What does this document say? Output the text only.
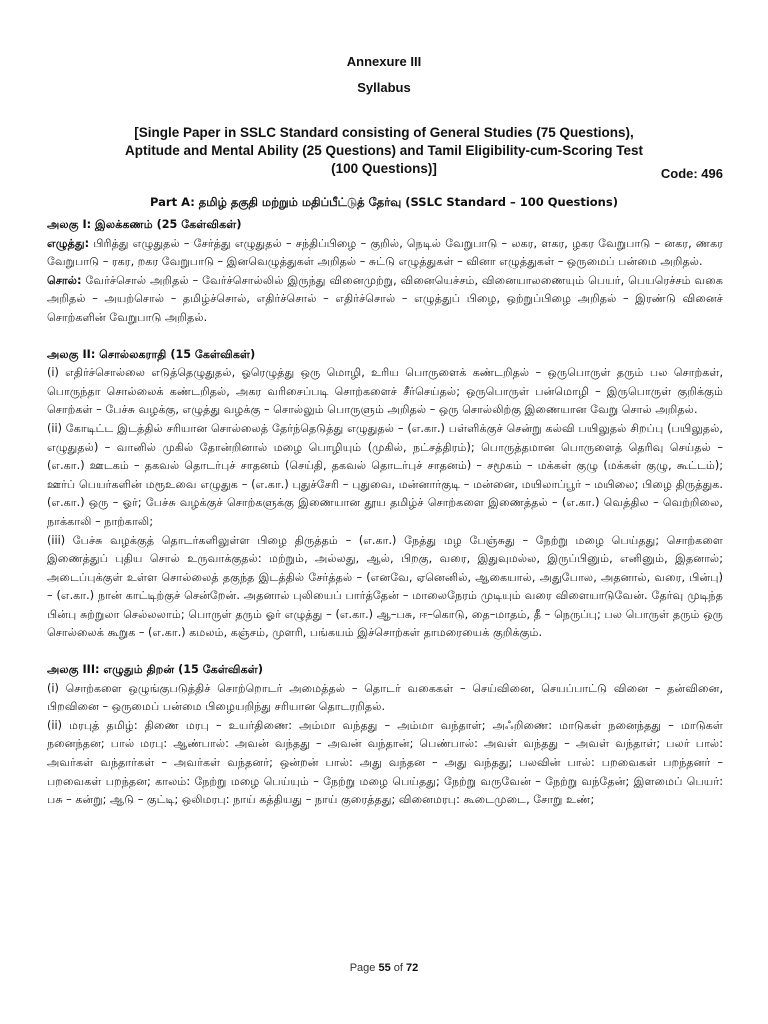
Annexure III
Syllabus
[Single Paper in SSLC Standard consisting of General Studies (75 Questions), Aptitude and Mental Ability (25 Questions) and Tamil Eligibility-cum-Scoring Test (100 Questions)]	Code: 496
Part A: தமிழ் தகுதி மற்றும் மதிப்பீட்டுத் தேர்வு (SSLC Standard – 100 Questions)

அலகு I: இலக்கணம் (25 கேள்விகள்)

எழுத்து: பிரித்து எழுதுதல் – சேர்த்து எழுதுதல் – சந்திப்பிழை – குறில், நெடில் வேறுபாடு – லகர, ளகர, ழகர வேறுபாடு – னகர, ணகர வேறுபாடு – ரகர, றகர வேறுபாடு – இனவெழுத்துகள் அறிதல் – சுட்டு எழுத்துகள் – வினா எழுத்துகள் – ஒருமைப் பன்மை அறிதல்.

சொல்: வேர்ச்சொல் அறிதல் – வேர்ச்சொல்லில் இருந்து வினைமுற்று, வினையெச்சம், வினையாலணையும் பெயர், பெயரெச்சம் வகை அறிதல் – அயற்சொல் – தமிழ்ச்சொல், எதிர்ச்சொல் – எதிர்ச்சொல் – எழுத்துப் பிழை, ஒற்றுப்பிழை அறிதல் – இரண்டு வினைச் சொற்களின் வேறுபாடு அறிதல்.

அலகு II: சொல்லகராதி (15 கேள்விகள்)

(i) எதிர்ச்சொல்லை எடுத்தெழுதுதல், ஓரெழுத்து ஒரு மொழி, உரிய பொருளைக் கண்டறிதல் – ஒருபொருள் தரும் பல சொற்கள், பொருந்தா சொல்லைக் கண்டறிதல், அகர வரிசைப்படி சொற்களைச் சீர்செய்தல்; ஒருபொருள் பன்மொழி – இருபொருள் குறிக்கும் சொற்கள் – பேச்சு வழக்கு, எழுத்து வழக்கு – சொல்லும் பொருளும் அறிதல் – ஒரு சொல்லிற்கு இணையான வேறு சொல் அறிதல்.

(ii) கோடிட்ட இடத்தில் சரியான சொல்லைத் தேர்ந்தெடுத்து எழுதுதல் – (எ.கா.) பள்ளிக்குச் சென்று கல்வி பயிலுதல் சிறப்பு (பயிலுதல், எழுதுதல்) – வானில் முகில் தோன்றினால் மழை பொழியும் (முகில், நட்சத்திரம்); பொருத்தமான பொருளைத் தெரிவு செய்தல் – (எ.கா.) ஊடகம் – தகவல் தொடர்புச் சாதனம் (செய்தி, தகவல் தொடர்புச் சாதனம்) – சமூகம் – மக்கள் குழு (மக்கள் குழு, கூட்டம்); ஊர்ப் பெயர்களின் மரூஉவை எழுதுக – (எ.கா.) புதுச்சேரி – புதுவை, மன்னார்குடி – மன்னை, மயிலாப்பூர் – மயிலை; பிழை திருத்துக. (எ.கா.) ஒரு – ஓர்; பேச்சு வழக்குச் சொற்களுக்கு இணையான தூய தமிழ்ச் சொற்களை இணைத்தல் – (எ.கா.) வெத்தில – வெற்றிலை, நாக்காலி – நாற்காலி;

(iii) பேச்சு வழக்குத் தொடர்களிலுள்ள பிழை திருத்தம் – (எ.கா.) நேத்து மழ பேஞ்சுது – நேற்று மழை பெய்தது; சொற்களை இணைத்துப் புதிய சொல் உருவாக்குதல்: மற்றும், அல்லது, ஆல், பிறகு, வரை, இதுவுமல்ல, இருப்பினும், எனினும், இதனால்; அடைப்புக்குள் உள்ள சொல்லைத் தகுந்த இடத்தில் சேர்த்தல் – (எனவே, ஏனெனில், ஆகையால், அதுபோல, அதனால், வரை, பின்பு) – (எ.கா.) நான் காட்டிற்குச் சென்றேன். அதனால் புலியைப் பார்த்தேன் – மாலைநேரம் முடியும் வரை விளையாடுவேன். தேர்வு முடிந்த பின்பு சுற்றுலா செல்லலாம்; பொருள் தரும் ஓர் எழுத்து – (எ.கா.) ஆ–பசு, ஈ–கொடு, தை–மாதம், தீ – நெருப்பு; பல பொருள் தரும் ஒரு சொல்லைக் கூறுக – (எ.கா.) கமலம், கஞ்சம், முளரி, பங்கயம் இச்சொற்கள் தாமரையைக் குறிக்கும்.

அலகு III: எழுதும் திறன் (15 கேள்விகள்)

(i) சொற்களை ஒழுங்குபடுத்திச் சொற்றொடர் அமைத்தல் – தொடர் வகைகள் – செய்வினை, செயப்பாட்டு வினை – தன்வினை, பிறவினை – ஒருமைப் பன்மை பிழையறிந்து சரியான தொடரறிதல்.

(ii) மரபுத் தமிழ்: திணை மரபு – உயர்திணை: அம்மா வந்தது – அம்மா வந்தாள்; அஃறிணை: மாடுகள் நனைந்தது – மாடுகள் நனைந்தன; பால் மரபு: ஆண்பால்: அவன் வந்தது – அவன் வந்தான்; பெண்பால்: அவள் வந்தது – அவள் வந்தாள்; பலர் பால்: அவர்கள் வந்தார்கள் – அவர்கள் வந்தனர்; ஒன்றன் பால்: அது வந்தன – அது வந்தது; பலவின் பால்: பறவைகள் பறந்தனர் – பறவைகள் பறந்தன; காலம்: நேற்று மழை பெய்யும் – நேற்று மழை பெய்தது; நேற்று வருவேன் – நேற்று வந்தேன்; இளமைப் பெயர்: பசு – கன்று; ஆடு – குட்டி; ஒலிமரபு: நாய் கத்தியது – நாய் குரைத்தது; வினைமரபு: கூடைமுடை, சோறு உண்;

Page 55 of 72
